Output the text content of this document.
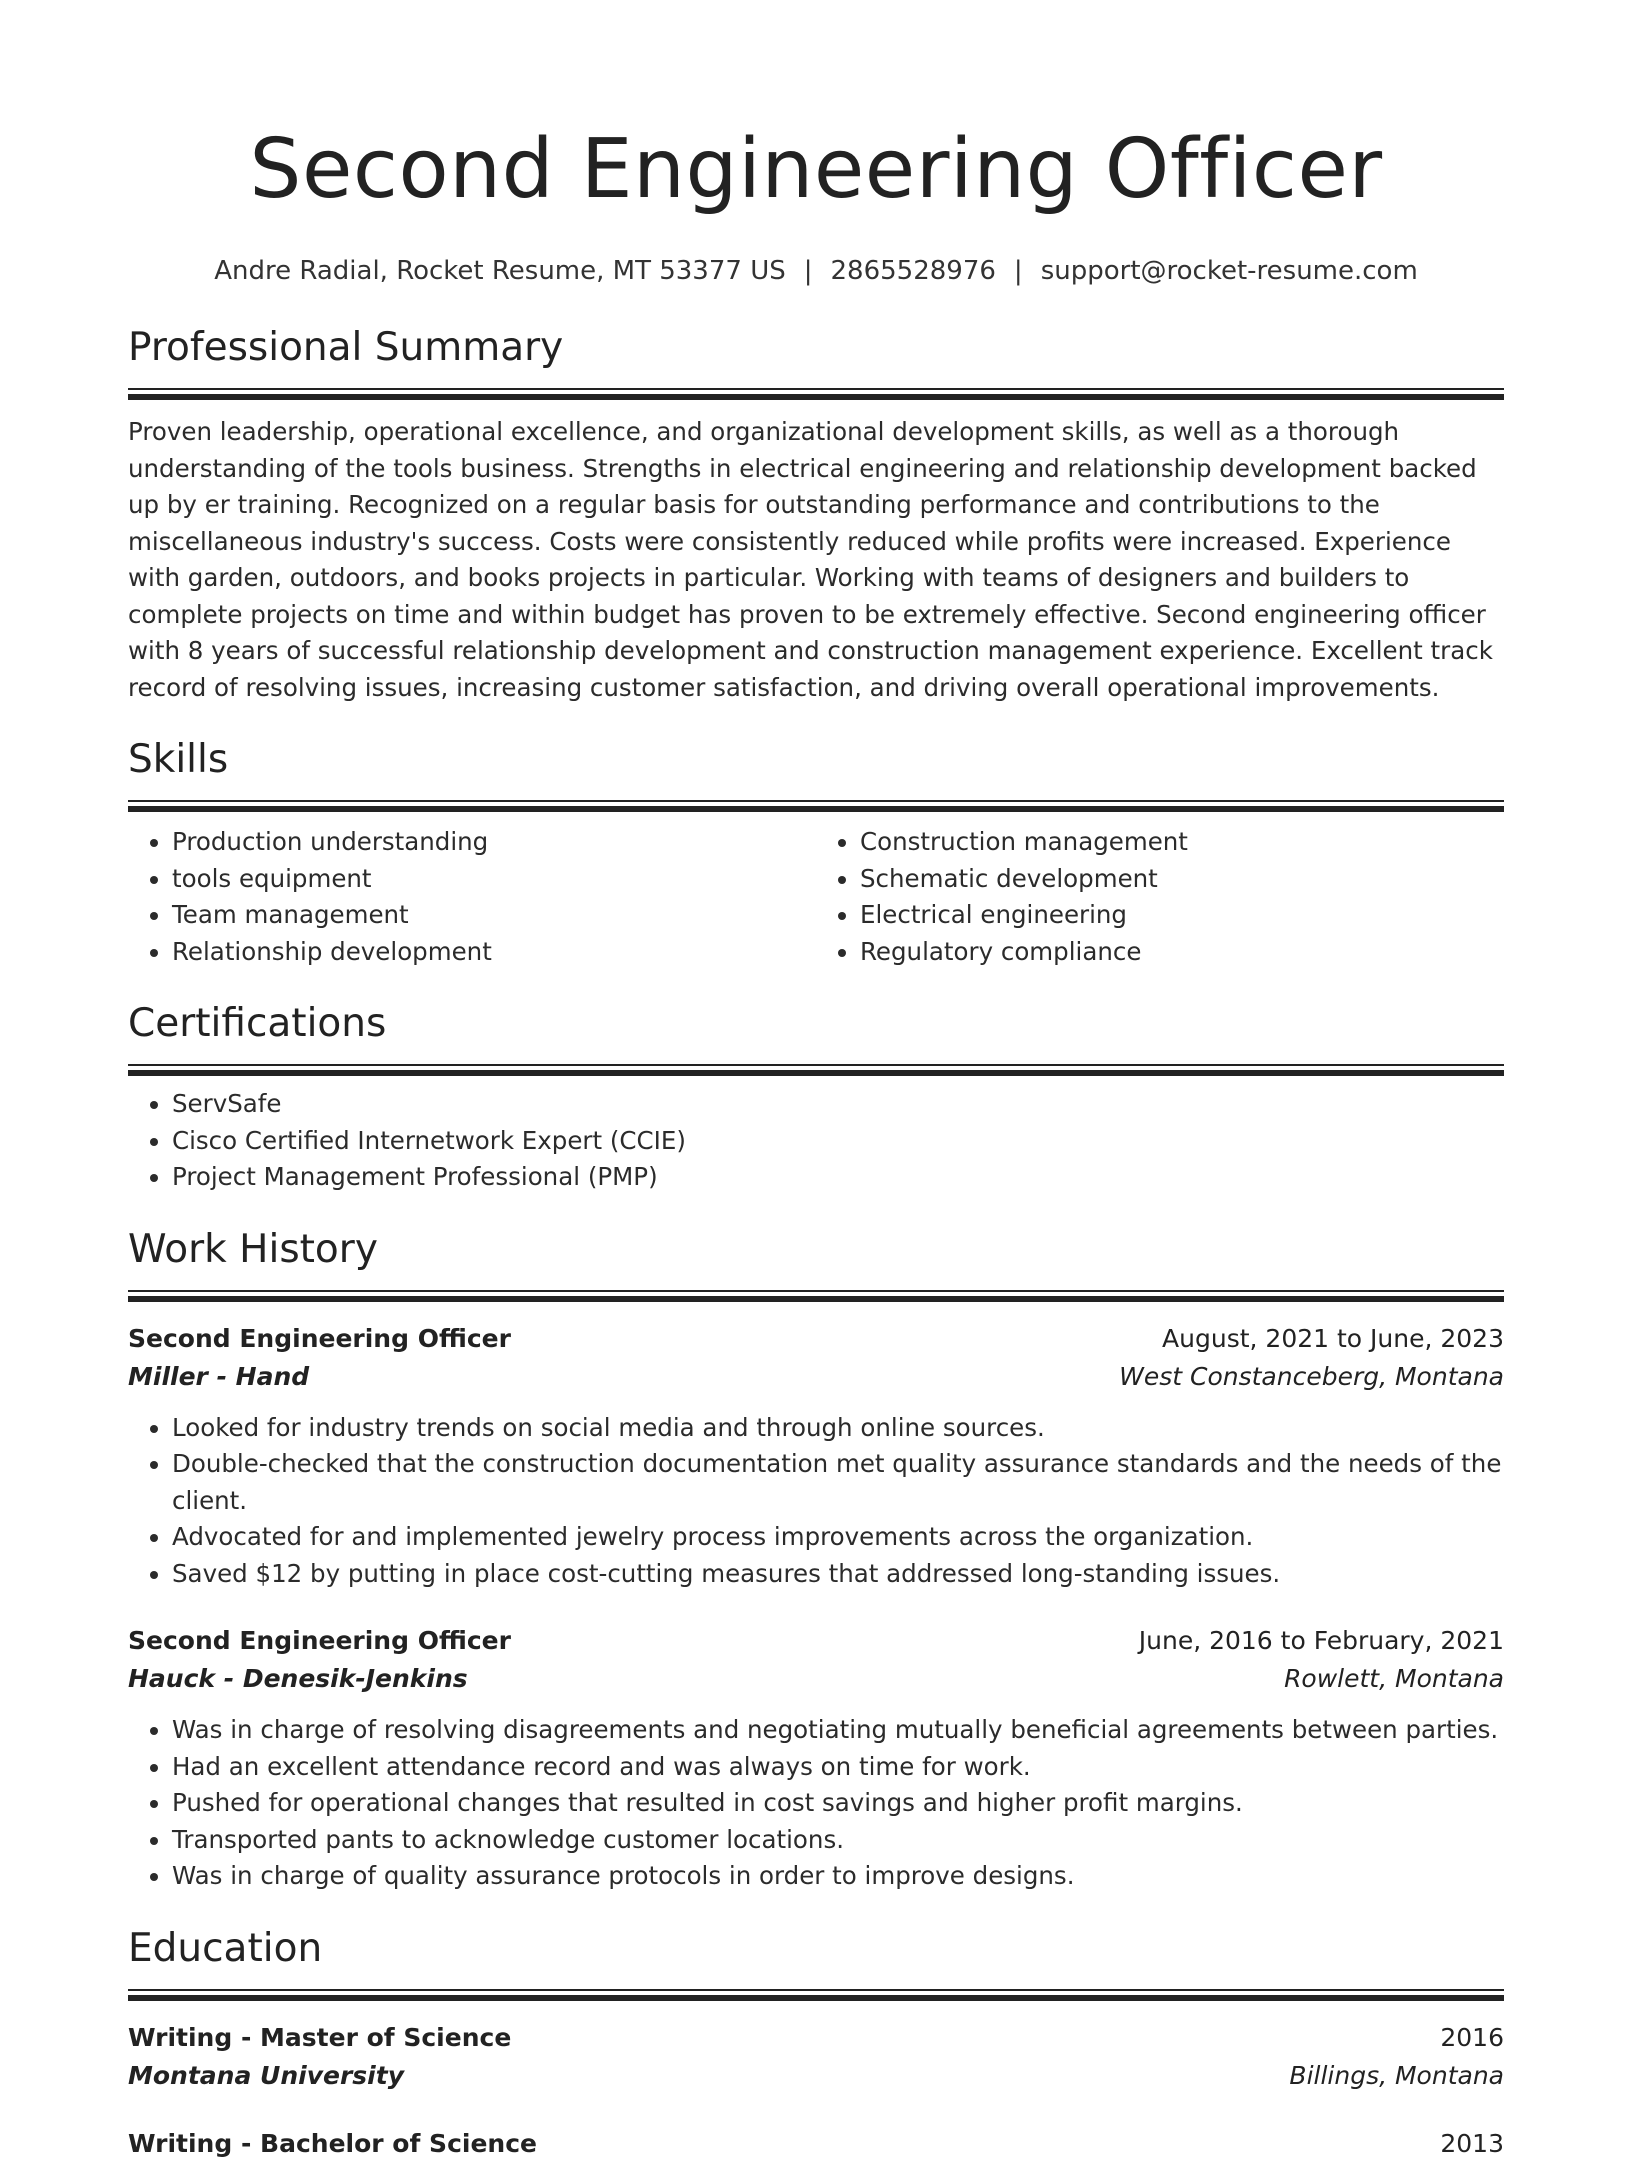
Second Engineering Officer
Andre Radial, Rocket Resume, MT 53377 US | 2865528976 | support@rocket-resume.com
Professional Summary
Proven leadership, operational excellence, and organizational development skills, as well as a thorough understanding of the tools business. Strengths in electrical engineering and relationship development backed up by er training. Recognized on a regular basis for outstanding performance and contributions to the miscellaneous industry's success. Costs were consistently reduced while profits were increased. Experience with garden, outdoors, and books projects in particular. Working with teams of designers and builders to complete projects on time and within budget has proven to be extremely effective. Second engineering officer with 8 years of successful relationship development and construction management experience. Excellent track record of resolving issues, increasing customer satisfaction, and driving overall operational improvements.
Skills
• Production understanding
• tools equipment
• Team management
• Relationship development
• Construction management
• Schematic development
• Electrical engineering
• Regulatory compliance
Certifications
• ServSafe
• Cisco Certified Internetwork Expert (CCIE)
• Project Management Professional (PMP)
Work History
Second Engineering Officer	August, 2021 to June, 2023
Miller - Hand	West Constanceberg, Montana
• Looked for industry trends on social media and through online sources.
• Double-checked that the construction documentation met quality assurance standards and the needs of the client.
• Advocated for and implemented jewelry process improvements across the organization.
• Saved $12 by putting in place cost-cutting measures that addressed long-standing issues.
Second Engineering Officer	June, 2016 to February, 2021
Hauck - Denesik-Jenkins	Rowlett, Montana
• Was in charge of resolving disagreements and negotiating mutually beneficial agreements between parties.
• Had an excellent attendance record and was always on time for work.
• Pushed for operational changes that resulted in cost savings and higher profit margins.
• Transported pants to acknowledge customer locations.
• Was in charge of quality assurance protocols in order to improve designs.
Education
Writing - Master of Science	2016
Montana University	Billings, Montana
Writing - Bachelor of Science	2013
